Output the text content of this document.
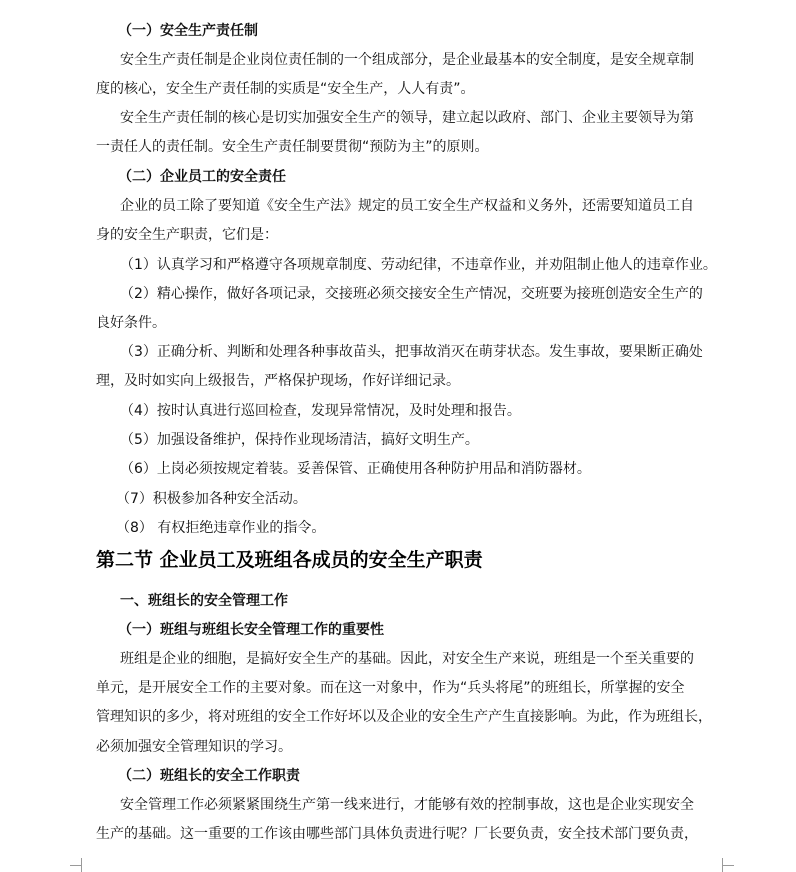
（一）安全生产责任制
安全生产责任制是企业岗位责任制的一个组成部分，是企业最基本的安全制度，是安全规章制
度的核心，安全生产责任制的实质是“安全生产，人人有责”。
安全生产责任制的核心是切实加强安全生产的领导，建立起以政府、部门、企业主要领导为第
一责任人的责任制。安全生产责任制要贯彻“预防为主”的原则。
（二）企业员工的安全责任
企业的员工除了要知道《安全生产法》规定的员工安全生产权益和义务外，还需要知道员工自
身的安全生产职责，它们是：
（1）认真学习和严格遵守各项规章制度、劳动纪律，不违章作业，并劝阻制止他人的违章作业。
（2）精心操作，做好各项记录，交接班必须交接安全生产情况，交班要为接班创造安全生产的
良好条件。
（3）正确分析、判断和处理各种事故苗头，把事故消灭在萌芽状态。发生事故，要果断正确处
理，及时如实向上级报告，严格保护现场，作好详细记录。
（4）按时认真进行巡回检查，发现异常情况，及时处理和报告。
（5）加强设备维护，保持作业现场清洁，搞好文明生产。
（6）上岗必须按规定着装。妥善保管、正确使用各种防护用品和消防器材。
（7）积极参加各种安全活动。
（8） 有权拒绝违章作业的指令。
第二节 企业员工及班组各成员的安全生产职责
一、班组长的安全管理工作
（一）班组与班组长安全管理工作的重要性
班组是企业的细胞，是搞好安全生产的基础。因此，对安全生产来说，班组是一个至关重要的
单元，是开展安全工作的主要对象。而在这一对象中，作为“兵头将尾”的班组长，所掌握的安全
管理知识的多少，将对班组的安全工作好坏以及企业的安全生产产生直接影响。为此，作为班组长，
必须加强安全管理知识的学习。
（二）班组长的安全工作职责
安全管理工作必须紧紧围绕生产第一线来进行，才能够有效的控制事故，这也是企业实现安全
生产的基础。这一重要的工作该由哪些部门具体负责进行呢？厂长要负责，安全技术部门要负责，
